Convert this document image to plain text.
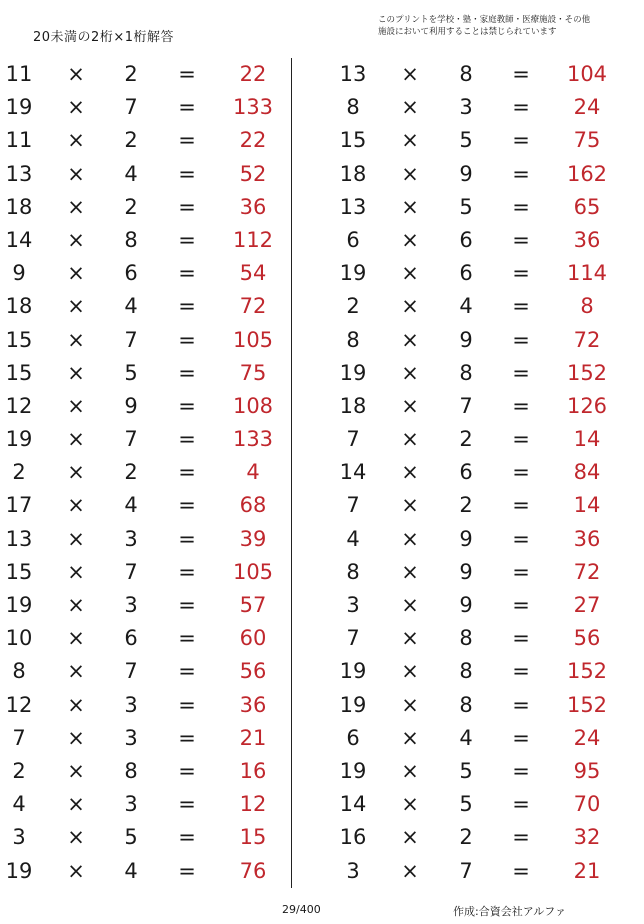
20未満の2桁×1桁解答
このプリントを学校・塾・家庭教師・医療施設・その他
施設において利用することは禁じられています
11 × 2 =	22
19 × 7 =	133
11 × 2 =	22
13 × 4 =	52
18 × 2 =	36
14 × 8 =	112
9	× 6 =	54
18 × 4 =	72
15 × 7 =	105
15 × 5 =	75
12 × 9 =	108
19 × 7 =	133
2	× 2 =	4
17 × 4 =	68
13 × 3 =	39
15 × 7 =	105
19 × 3 =	57
10 × 6 =	60
8	× 7 =	56
12 × 3 =	36
7	× 3 =	21
2	× 8 =	16
4	× 3 =	12
3	× 5 =	15
19 × 4 =	76
13 × 8 =	104
8	× 3 =	24
15 × 5 =	75
18 × 9 =	162
13 × 5 =	65
6	× 6 =	36
19 × 6 =	114
2	× 4 =	8
8	× 9 =	72
19 × 8 =	152
18 × 7 =	126
7	× 2 =	14
14 × 6 =	84
7	× 2 =	14
4	× 9 =	36
8	× 9 =	72
3	× 9 =	27
7	× 8 =	56
19 × 8 =	152
19 × 8 =	152
6	× 4 =	24
19 × 5 =	95
14 × 5 =	70
16 × 2 =	32
3	× 7 =	21
29/400	作成:合資会社アルファ
